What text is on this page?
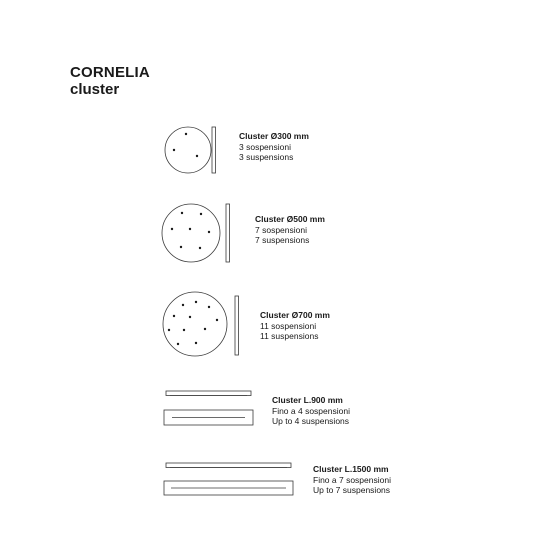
CORNELIA
cluster
Cluster Ø300 mm
3 sospensioni
3 suspensions
Cluster Ø500 mm
7 sospensioni
7 suspensions
Cluster Ø700 mm
11 sospensioni
11 suspensions
Cluster L.900 mm
Fino a 4 sospensioni
Up to 4 suspensions
Cluster L.1500 mm
Fino a 7 sospensioni
Up to 7 suspensions
